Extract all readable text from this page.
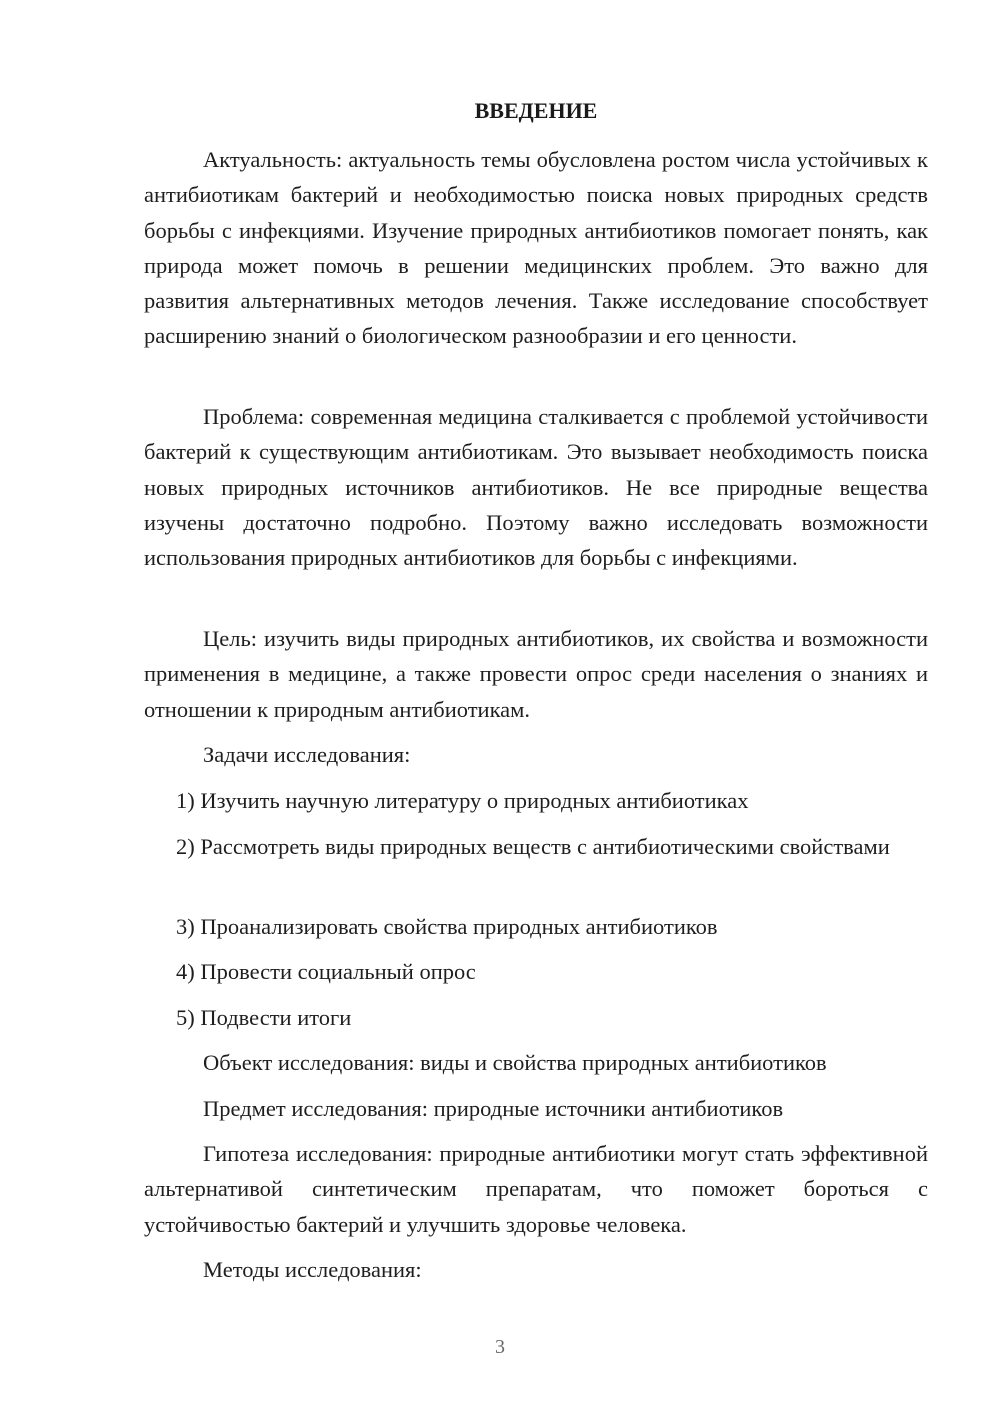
ВВЕДЕНИЕ

Актуальность: актуальность темы обусловлена ростом числа устойчивых к антибиотикам бактерий и необходимостью поиска новых природных средств борьбы с инфекциями. Изучение природных антибиотиков помогает понять, как природа может помочь в решении медицинских проблем. Это важно для развития альтернативных методов лечения. Также исследование способствует расширению знаний о биологическом разнообразии и его ценности.

Проблема: современная медицина сталкивается с проблемой устойчивости бактерий к существующим антибиотикам. Это вызывает необходимость поиска новых природных источников антибиотиков. Не все природные вещества изучены достаточно подробно. Поэтому важно исследовать возможности использования природных антибиотиков для борьбы с инфекциями.

Цель: изучить виды природных антибиотиков, их свойства и возможности применения в медицине, а также провести опрос среди населения о знаниях и отношении к природным антибиотикам.

Задачи исследования:

1) Изучить научную литературу о природных антибиотиках

2) Рассмотреть виды природных веществ с антибиотическими свойствами

3) Проанализировать свойства природных антибиотиков

4) Провести социальный опрос

5) Подвести итоги

Объект исследования: виды и свойства природных антибиотиков

Предмет исследования: природные источники антибиотиков

Гипотеза исследования: природные антибиотики могут стать эффективной альтернативой синтетическим препаратам, что поможет бороться с устойчивостью бактерий и улучшить здоровье человека.

Методы исследования:

3
